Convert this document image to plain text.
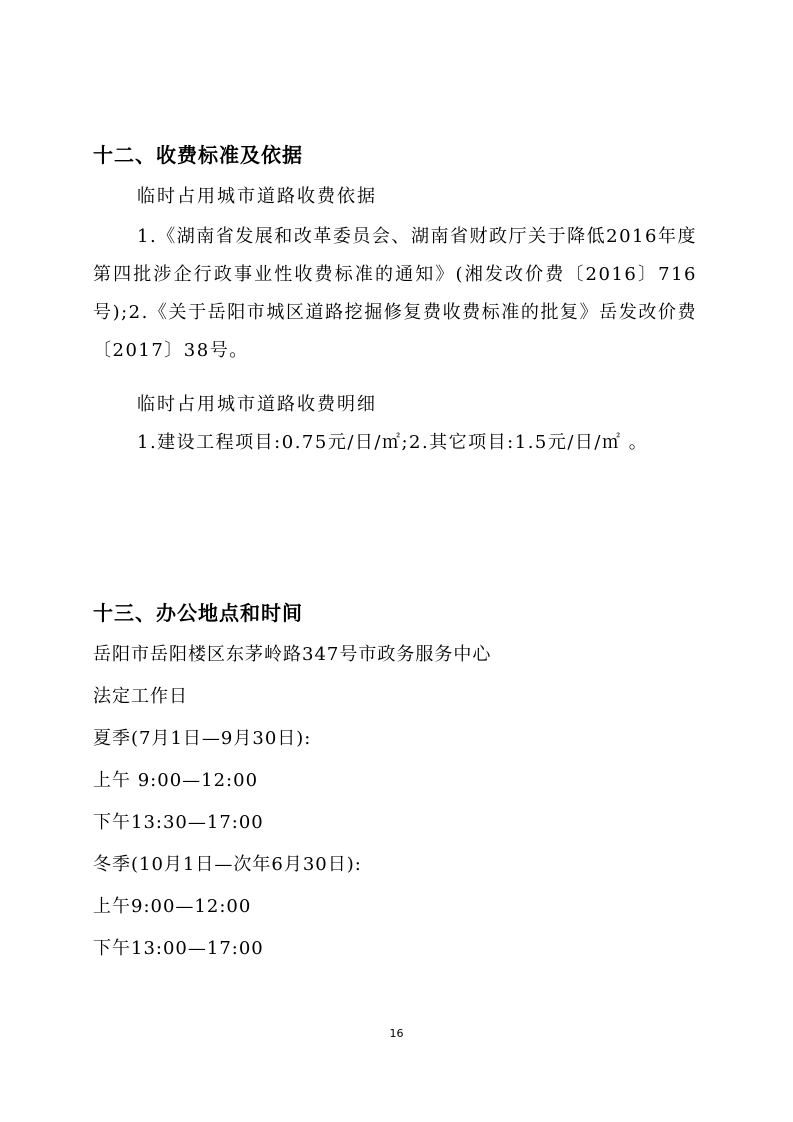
十二、收费标准及依据
临时占用城市道路收费依据
1.《湖南省发展和改革委员会、湖南省财政厅关于降低2016年度第四批涉企行政事业性收费标准的通知》(湘发改价费〔2016〕716号);2.《关于岳阳市城区道路挖掘修复费收费标准的批复》岳发改价费〔2017〕38号。
临时占用城市道路收费明细
1.建设工程项目:0.75元/日/㎡;2.其它项目:1.5元/日/㎡ 。
十三、办公地点和时间
岳阳市岳阳楼区东茅岭路347号市政务服务中心
法定工作日
夏季(7月1日—9月30日):
上午 9:00—12:00
下午13:30—17:00
冬季(10月1日—次年6月30日):
上午9:00—12:00
下午13:00—17:00
16
